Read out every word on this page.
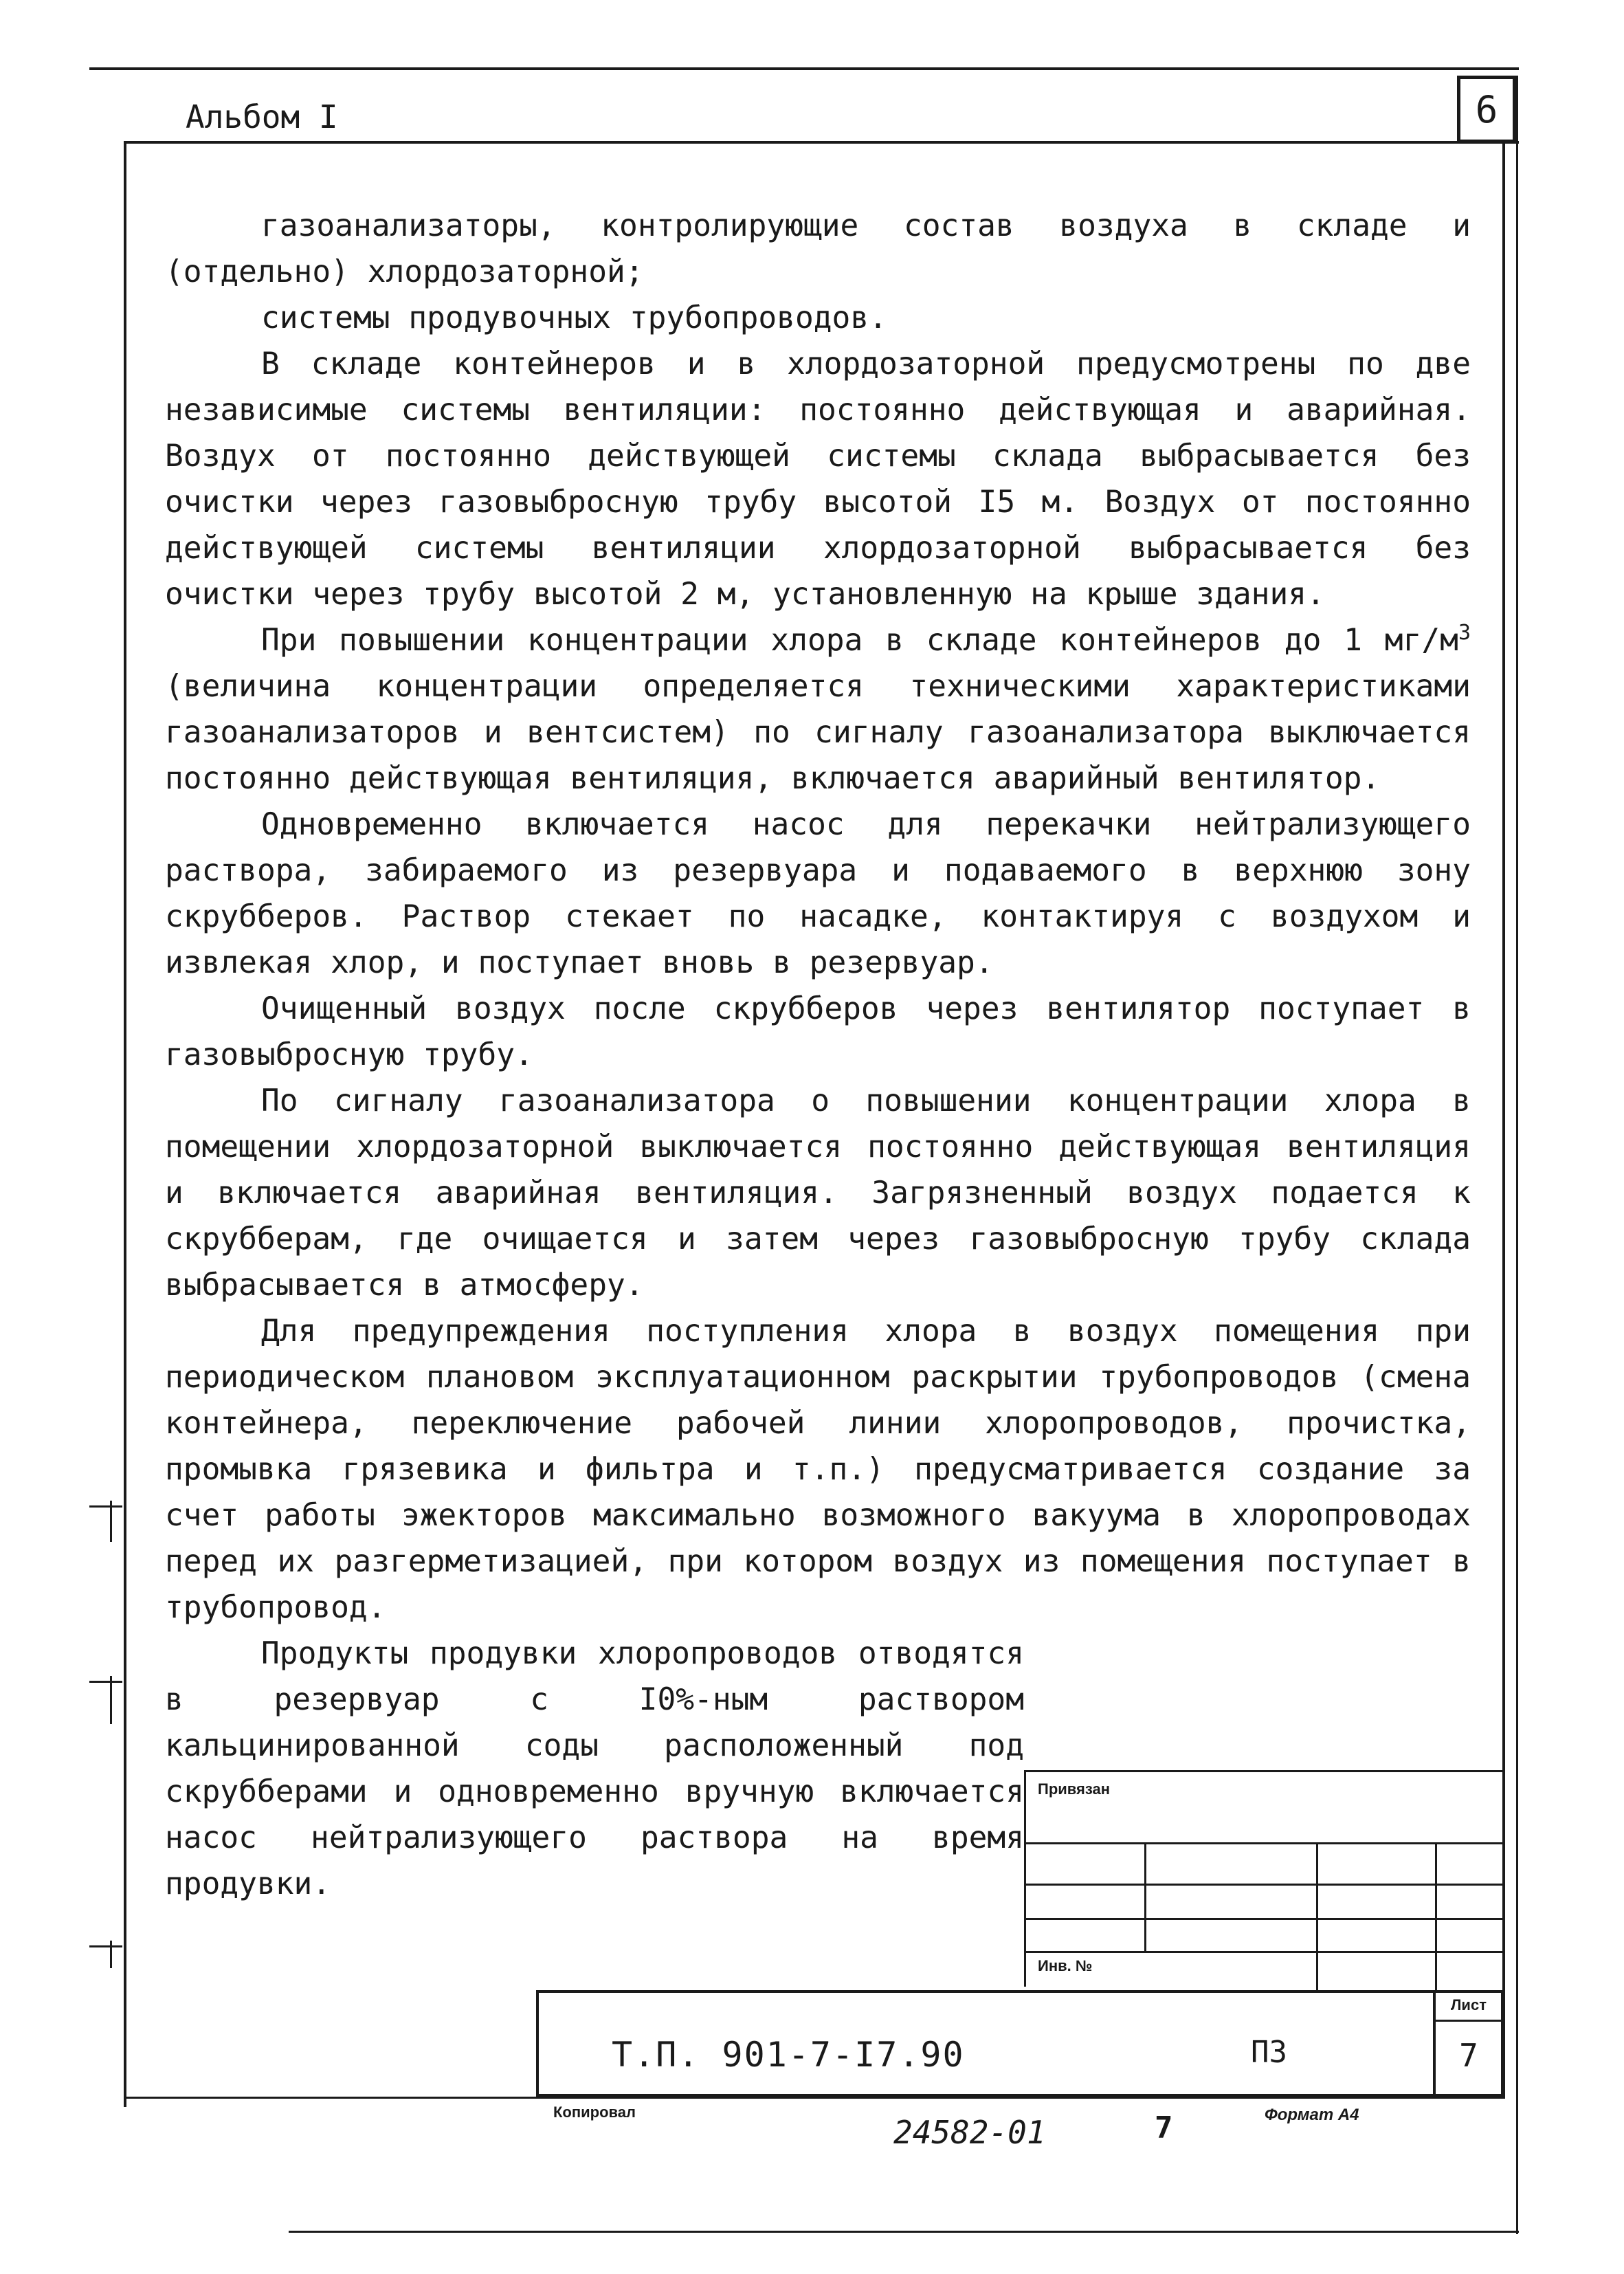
Альбом I	6

газоанализаторы, контролирующие состав воздуха в складе и (отдельно) хлордозаторной;

системы продувочных трубопроводов.

В складе контейнеров и в хлордозаторной предусмотрены по две независимые системы вентиляции: постоянно действующая и аварийная. Воздух от постоянно действующей системы склада выбрасывается без очистки через газовыбросную трубу высотой I5 м. Воздух от постоянно действующей системы вентиляции хлордозаторной выбрасывается без очистки через трубу высотой 2 м, установленную на крыше здания.

При повышении концентрации хлора в складе контейнеров до 1 $мг/м^3$ (величина концентрации определяется техническими характеристиками газоанализаторов и вентсистем) по сигналу газоанализатора выключается постоянно действующая вентиляция, включается аварийный вентилятор.

Одновременно включается насос для перекачки нейтрализующего раствора, забираемого из резервуара и подаваемого в верхнюю зону скрубберов. Раствор стекает по насадке, контактируя с воздухом и извлекая хлор, и поступает вновь в резервуар.

Очищенный воздух после скрубберов через вентилятор поступает в газовыбросную трубу.

По сигналу газоанализатора о повышении концентрации хлора в помещении хлордозаторной выключается постоянно действующая вентиляция и включается аварийная вентиляция. Загрязненный воздух подается к скрубберам, где очищается и затем через газовыбросную трубу склада выбрасывается в атмосферу.

Для предупреждения поступления хлора в воздух помещения при периодическом плановом эксплуатационном раскрытии трубопроводов (смена контейнера, переключение рабочей линии хлоропроводов, прочистка, промывка грязевика и фильтра и т.п.) предусматривается создание за счет работы эжекторов максимально возможного вакуума в хлоропроводах перед их разгерметизацией, при котором воздух из помещения поступает в трубопровод.

Продукты продувки хлоропроводов отводятся в резервуар с I0%-ным раствором кальцинированной соды расположенный под скрубберами и одновременно вручную включается насос нейтрализующего раствора на время продувки.

Привязан
Инв. №
Т.П. 901-7-I7.90	ПЗ
Лист
7
Копировал
24582-01	7	Формат А4
